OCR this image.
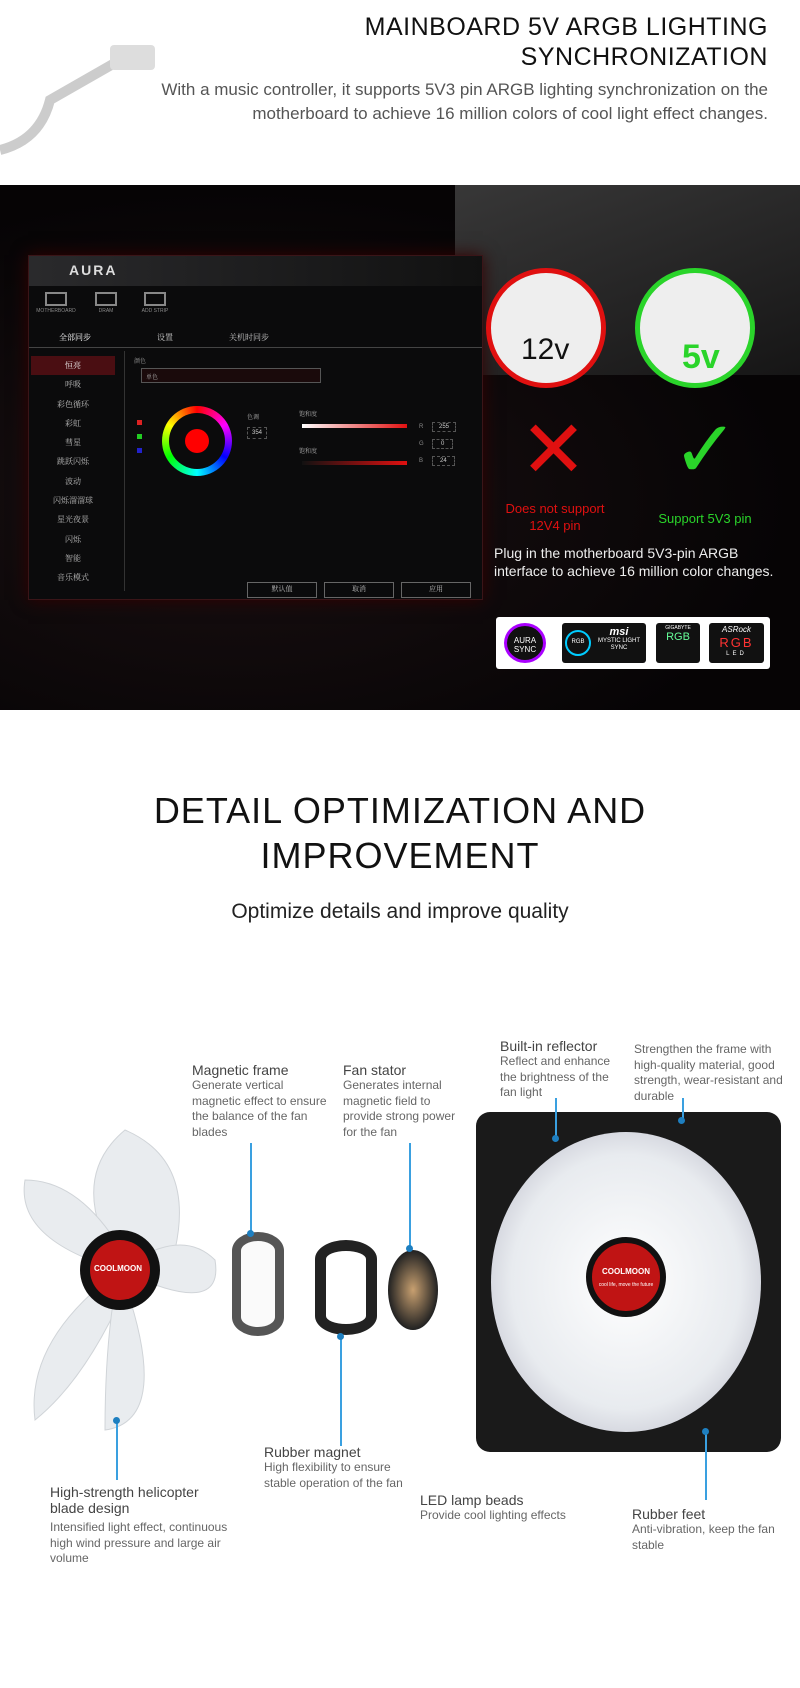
MAINBOARD 5V ARGB LIGHTING
SYNCHRONIZATION
With a music controller, it supports 5V3 pin ARGB lighting synchronization on the motherboard to achieve 16 million colors of cool light effect changes.
AURA
MOTHERBOARD	DRAM	ADD STRIP
全部同步	设置	关机时同步
恒亮
呼吸
彩色循环
彩虹
彗星
跳跃闪烁
波动
闪烁溜溜球
星光夜景
闪烁
智能
音乐模式
颜色
单色
色调
354
饱和度
饱和度
R	255
G	0
B	24
默认值	取消	应用
12v	5v
✕ ✓
Does not support 12V4 pin	Support 5V3 pin
Plug in the motherboard 5V3-pin ARGB interface to achieve 16 million color changes.
AURA SYNC
RGB
msi
MYSTIC LIGHT SYNC
GIGABYTE
RGB
ASRock
RGB
LED
DETAIL OPTIMIZATION AND
IMPROVEMENT
Optimize details and improve quality
COOLMOON	COOLMOON
cool life, move the future
Magnetic frame
Generate vertical magnetic effect to ensure the balance of the fan blades
Fan stator
Generates internal magnetic field to provide strong power for the fan
Built-in reflector
Reflect and enhance the brightness of the fan light
Strengthen the frame with high-quality material, good strength, wear-resistant and durable
High-strength helicopter blade design
Intensified light effect, continuous high wind pressure and large air volume
Rubber magnet
High flexibility to ensure stable operation of the fan
LED lamp beads
Provide cool lighting effects	Rubber feet
Anti-vibration, keep the fan stable
